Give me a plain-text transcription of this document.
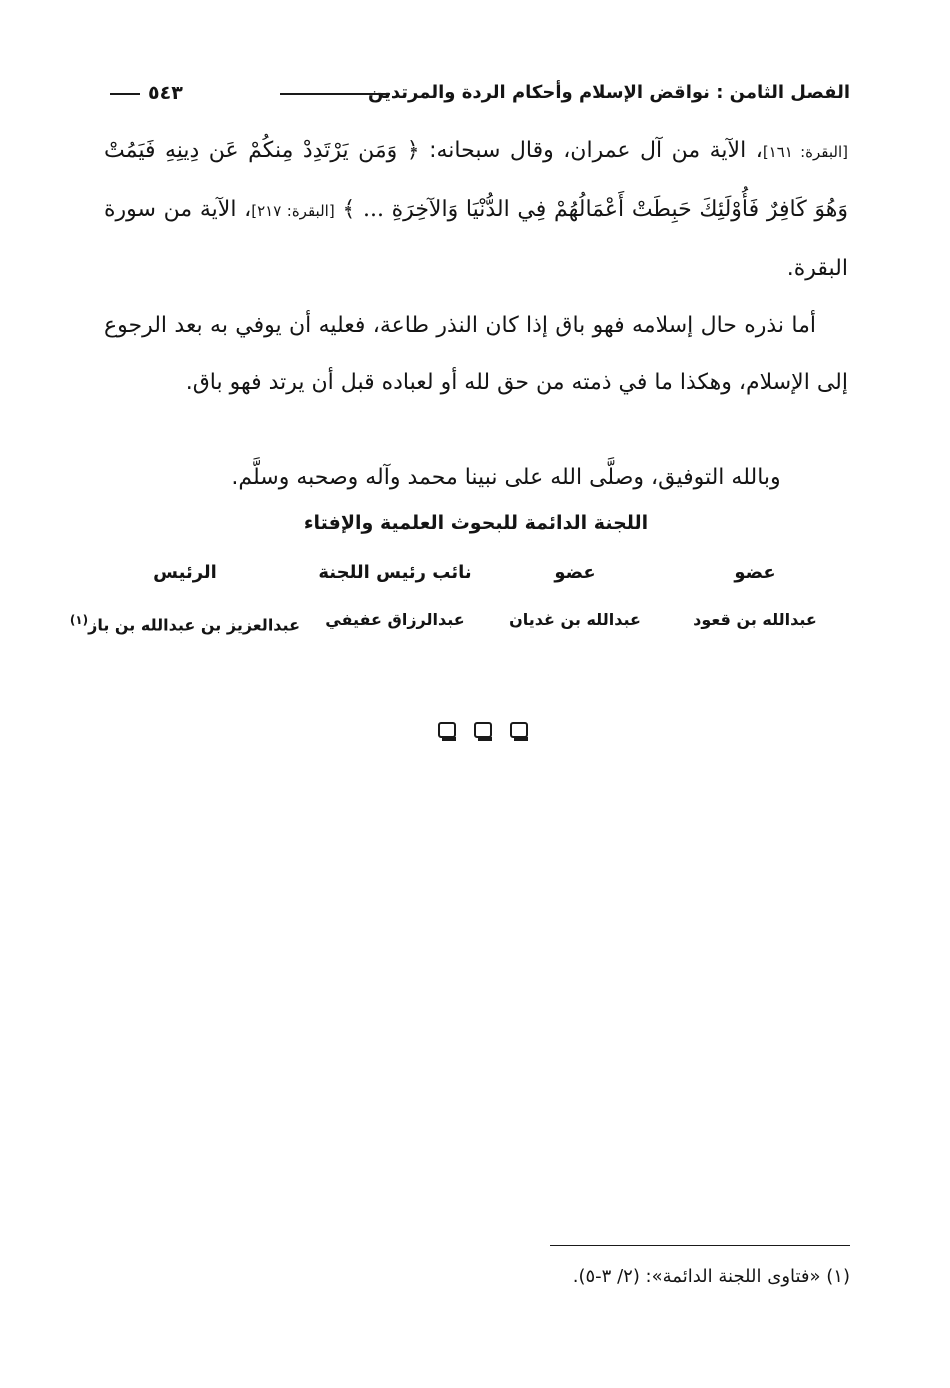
الفصل الثامن : نواقض الإسلام وأحكام الردة والمرتدين
٥٤٣

[البقرة: ١٦١]، الآية من آل عمران، وقال سبحانه: ﴿ وَمَن يَرْتَدِدْ مِنكُمْ عَن دِينِهِ فَيَمُتْ وَهُوَ كَافِرٌ فَأُوْلَئِكَ حَبِطَتْ أَعْمَالُهُمْ فِي الدُّنْيَا وَالآخِرَةِ ... ﴾ [البقرة: ٢١٧]، الآية من سورة البقرة.

أما نذره حال إسلامه فهو باق إذا كان النذر طاعة، فعليه أن يوفي به بعد الرجوع إلى الإسلام، وهكذا ما في ذمته من حق لله أو لعباده قبل أن يرتد فهو باق.

وبالله التوفيق، وصلَّى الله على نبينا محمد وآله وصحبه وسلَّم.
اللجنة الدائمة للبحوث العلمية والإفتاء
عضو
عبدالله بن قعود
عضو
عبدالله بن غديان
نائب رئيس اللجنة
عبدالرزاق عفيفي
الرئيس
عبدالعزيز بن عبدالله بن باز$^{(١)}$
(١) «فتاوى اللجنة الدائمة»: (٢/ ٣-٥).
